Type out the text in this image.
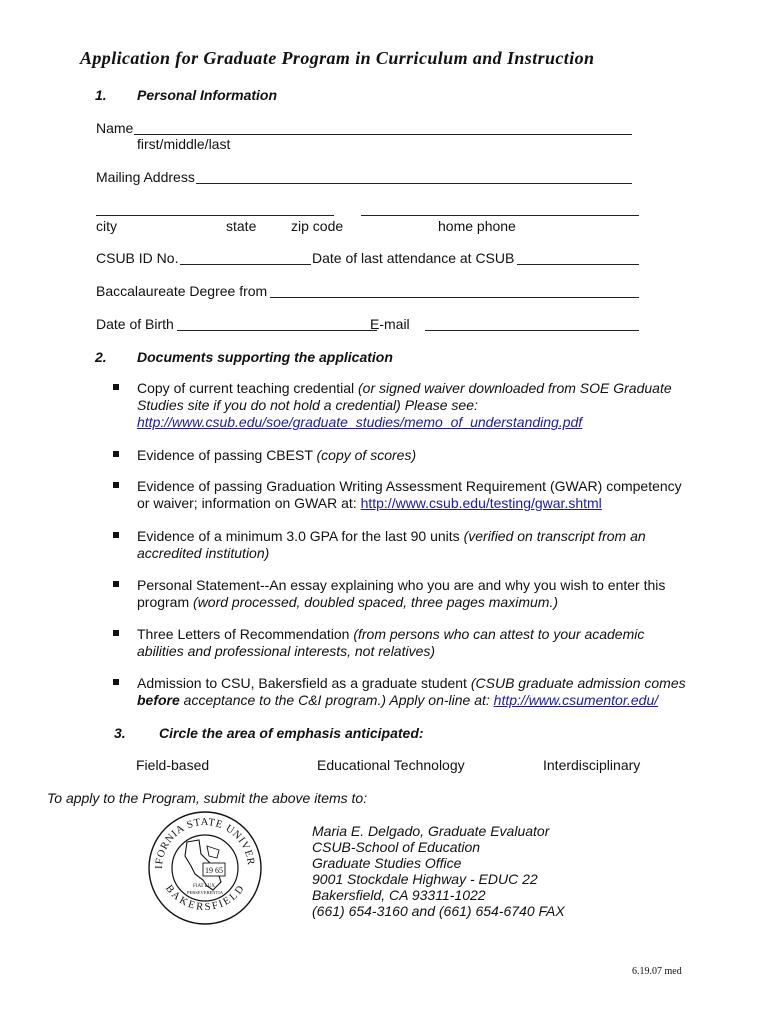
Application for Graduate Program in Curriculum and Instruction
1. Personal Information
Name
first/middle/last
Mailing Address
city	state zip code	home phone
CSUB ID No.	Date of last attendance at CSUB
Baccalaureate Degree from
Date of Birth	E-mail
2. Documents supporting the application
Copy of current teaching credential (or signed waiver downloaded from SOE Graduate
Studies site if you do not hold a credential) Please see:
http://www.csub.edu/soe/graduate_studies/memo_of_understanding.pdf
Evidence of passing CBEST (copy of scores)
Evidence of passing Graduation Writing Assessment Requirement (GWAR) competency
or waiver; information on GWAR at: http://www.csub.edu/testing/gwar.shtml
Evidence of a minimum 3.0 GPA for the last 90 units (verified on transcript from an
accredited institution)
Personal Statement--An essay explaining who you are and why you wish to enter this
program (word processed, doubled spaced, three pages maximum.)
Three Letters of Recommendation (from persons who can attest to your academic
abilities and professional interests, not relatives)
Admission to CSU, Bakersfield as a graduate student (CSUB graduate admission comes
before acceptance to the C&I program.) Apply on-line at: http://www.csumentor.edu/
3. Circle the area of emphasis anticipated:
Field-based	Educational Technology	Interdisciplinary
To apply to the Program, submit the above items to:
IFORNIA STATE UNIVER
BAKERSFIELD
19 65
FIAT LUX
PERSEVERENTIA
Maria E. Delgado, Graduate Evaluator
CSUB-School of Education
Graduate Studies Office
9001 Stockdale Highway - EDUC 22
Bakersfield, CA 93311-1022
(661) 654-3160 and (661) 654-6740 FAX
6.19.07 med
